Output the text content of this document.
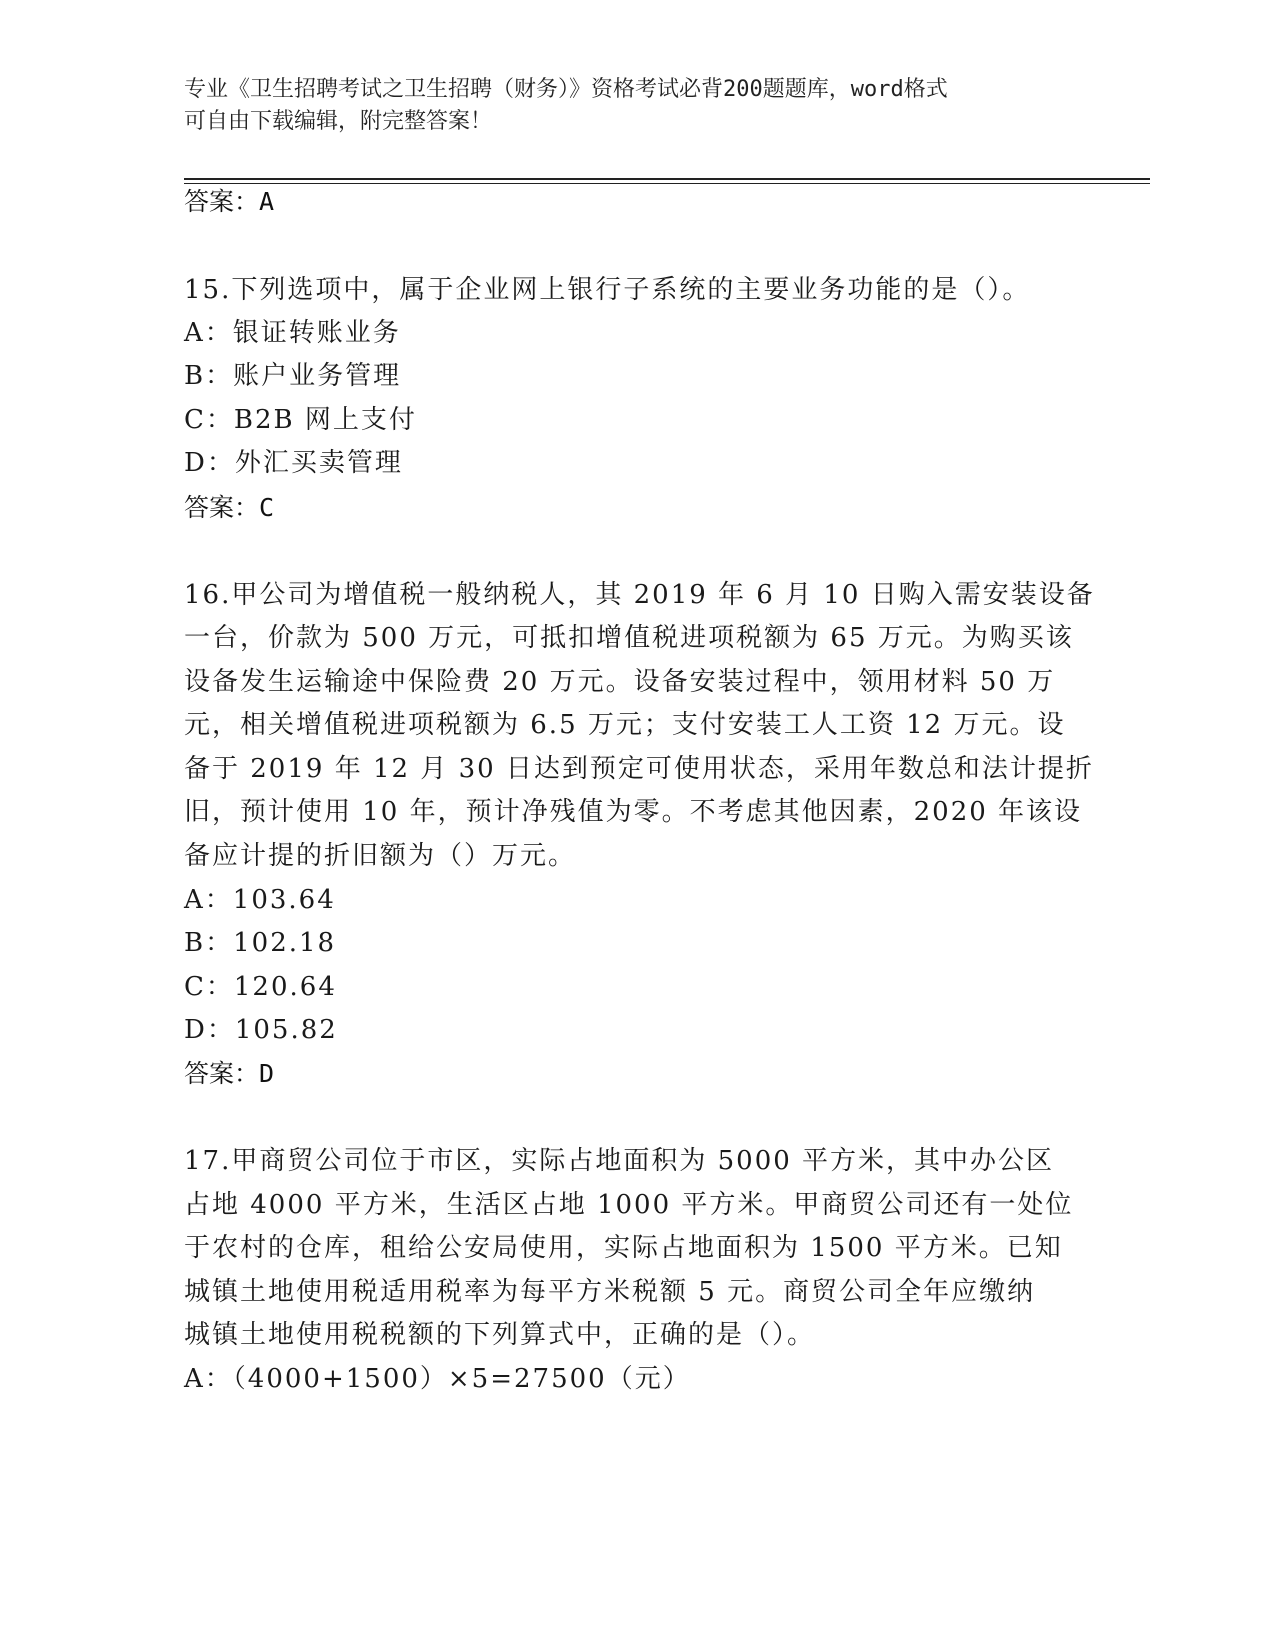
专业《卫生招聘考试之卫生招聘（财务）》资格考试必背200题题库，word格式
可自由下载编辑，附完整答案！
答案：A
15.下列选项中，属于企业网上银行子系统的主要业务功能的是（）。
A：银证转账业务
B：账户业务管理
C：B2B 网上支付
D：外汇买卖管理
答案：C
16.甲公司为增值税一般纳税人，其 2019 年 6 月 10 日购入需安装设备
一台，价款为 500 万元，可抵扣增值税进项税额为 65 万元。为购买该
设备发生运输途中保险费 20 万元。设备安装过程中，领用材料 50 万
元，相关增值税进项税额为 6.5 万元；支付安装工人工资 12 万元。设
备于 2019 年 12 月 30 日达到预定可使用状态，采用年数总和法计提折
旧，预计使用 10 年，预计净残值为零。不考虑其他因素，2020 年该设
备应计提的折旧额为（）万元。
A：103.64
B：102.18
C：120.64
D：105.82
答案：D
17.甲商贸公司位于市区，实际占地面积为 5000 平方米，其中办公区
占地 4000 平方米，生活区占地 1000 平方米。甲商贸公司还有一处位
于农村的仓库，租给公安局使用，实际占地面积为 1500 平方米。已知
城镇土地使用税适用税率为每平方米税额 5 元。商贸公司全年应缴纳
城镇土地使用税税额的下列算式中，正确的是（）。
A：（4000+1500）×5=27500（元）
